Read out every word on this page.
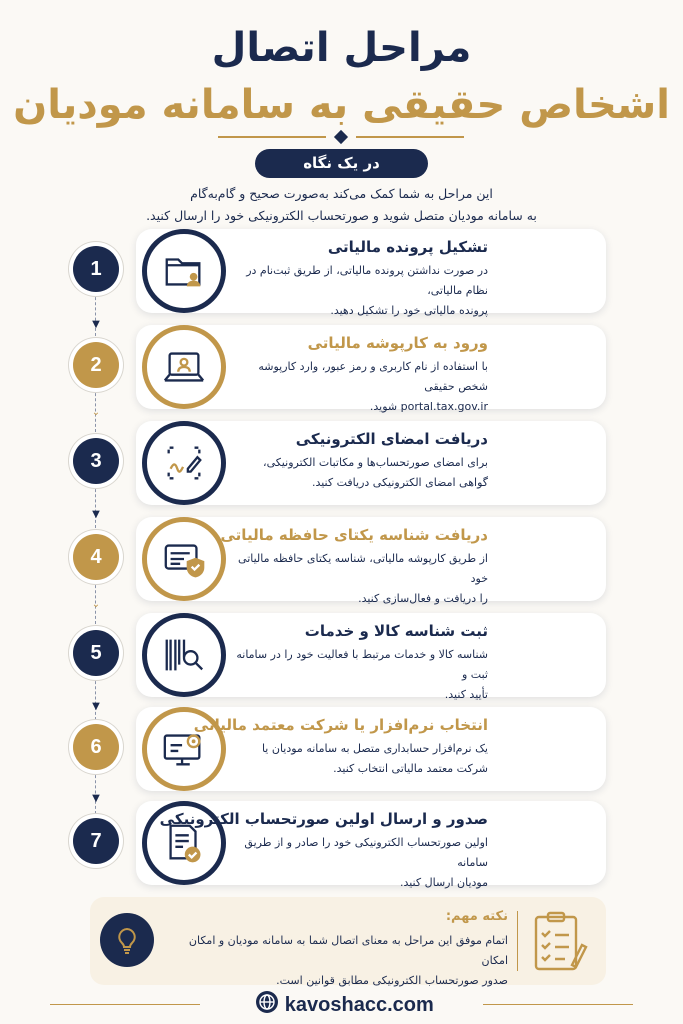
مراحل اتصال
اشخاص حقیقی به سامانه مودیان
در یک نگاه
این مراحل به شما کمک می‌کند به‌صورت صحیح و گام‌به‌گام
به سامانه مودیان متصل شوید و صورتحساب الکترونیکی خود را ارسال کنید.
▼
⌄
▼
⌄
▼
▼
1
تشکیل پرونده مالیاتی
در صورت نداشتن پرونده مالیاتی، از طریق ثبت‌نام در نظام مالیاتی،
پرونده مالیاتی خود را تشکیل دهید.
2
ورود به کارپوشه مالیاتی
با استفاده از نام کاربری و رمز عبور، وارد کارپوشه شخص حقیقی
portal.tax.gov.ir شوید.
3
دریافت امضای الکترونیکی
برای امضای صورتحساب‌ها و مکاتبات الکترونیکی،
گواهی امضای الکترونیکی دریافت کنید.
4
دریافت شناسه یکتای حافظه مالیاتی
از طریق کارپوشه مالیاتی، شناسه یکتای حافظه مالیاتی خود
را دریافت و فعال‌سازی کنید.
5
ثبت شناسه کالا و خدمات
شناسه کالا و خدمات مرتبط با فعالیت خود را در سامانه ثبت و
تأیید کنید.
6
انتخاب نرم‌افزار یا شرکت معتمد مالیاتی
یک نرم‌افزار حسابداری متصل به سامانه مودیان یا
شرکت معتمد مالیاتی انتخاب کنید.
7
صدور و ارسال اولین صورتحساب الکترونیکی
اولین صورتحساب الکترونیکی خود را صادر و از طریق سامانه
مودیان ارسال کنید.
نکته مهم:
اتمام موفق این مراحل به معنای اتصال شما به سامانه مودیان و امکان امکان
صدور صورتحساب الکترونیکی مطابق قوانین است.
kavoshacc.com
